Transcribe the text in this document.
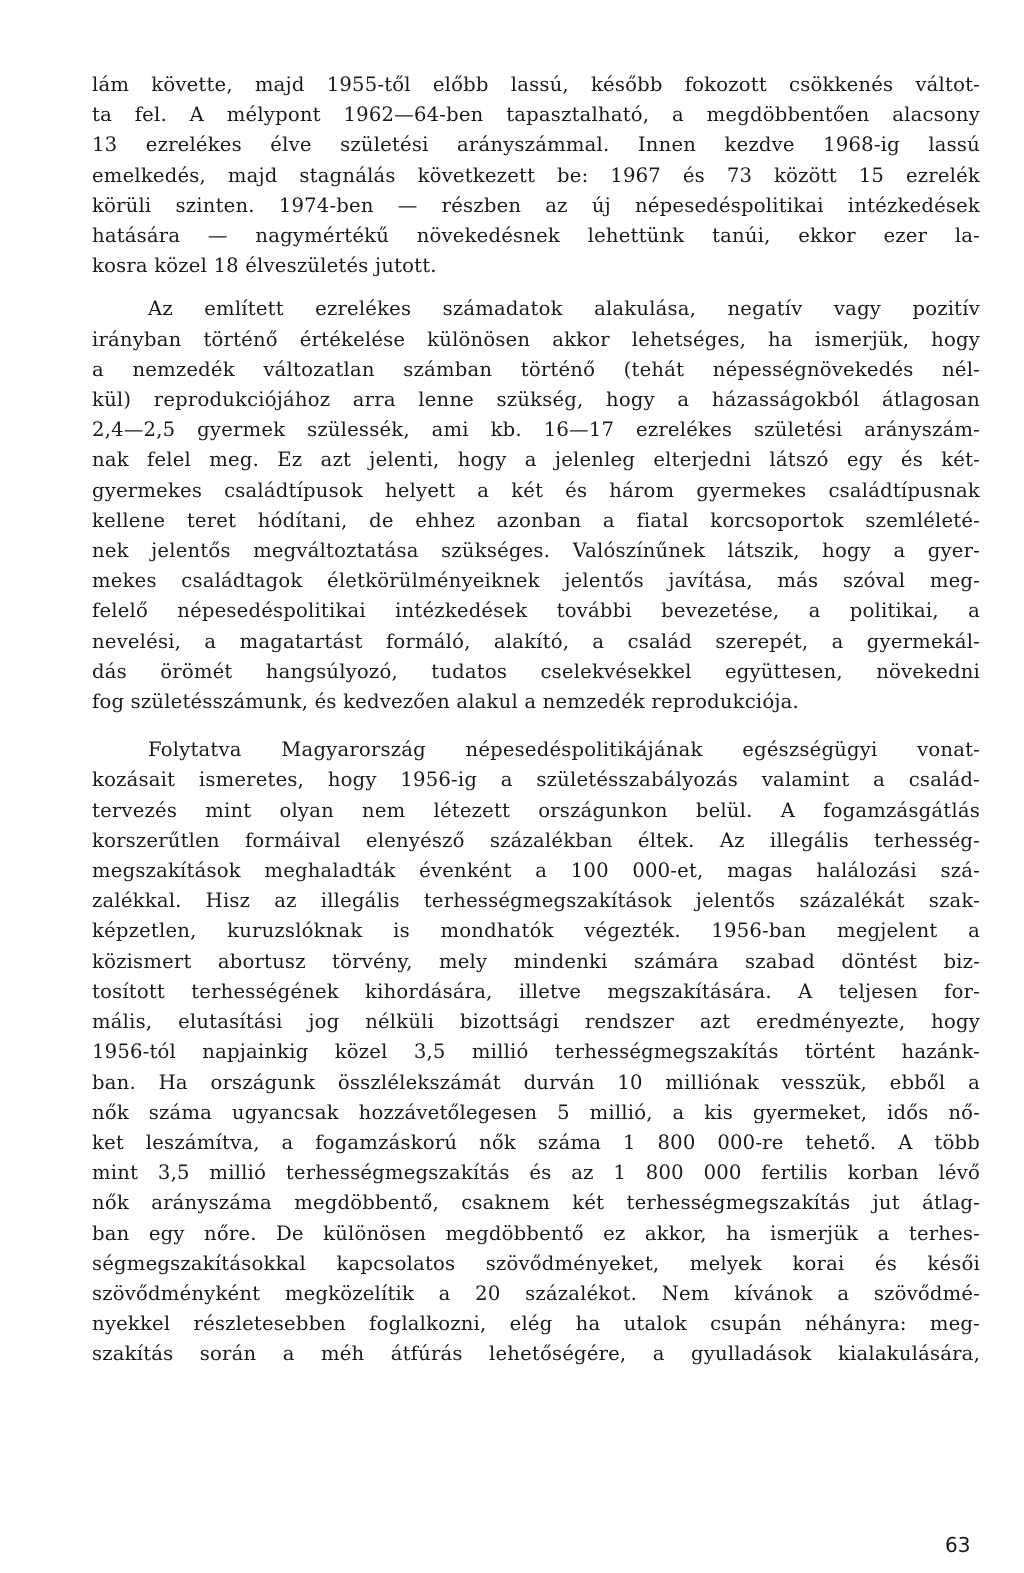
lám követte, majd 1955-től előbb lassú, később fokozott csökkenés váltot-
ta fel. A mélypont 1962—64-ben tapasztalható, a megdöbbentően alacsony
13 ezrelékes élve születési arányszámmal. Innen kezdve 1968-ig lassú
emelkedés, majd stagnálás következett be: 1967 és 73 között 15 ezrelék
körüli szinten. 1974-ben — részben az új népesedéspolitikai intézkedések
hatására — nagymértékű növekedésnek lehettünk tanúi, ekkor ezer la-
kosra közel 18 élveszületés jutott.

Az említett ezrelékes számadatok alakulása, negatív vagy pozitív
irányban történő értékelése különösen akkor lehetséges, ha ismerjük, hogy
a nemzedék változatlan számban történő (tehát népességnövekedés nél-
kül) reprodukciójához arra lenne szükség, hogy a házasságokból átlagosan
2,4—2,5 gyermek szülessék, ami kb. 16—17 ezrelékes születési arányszám-
nak felel meg. Ez azt jelenti, hogy a jelenleg elterjedni látszó egy és két-
gyermekes családtípusok helyett a két és három gyermekes családtípusnak
kellene teret hódítani, de ehhez azonban a fiatal korcsoportok szemléleté-
nek jelentős megváltoztatása szükséges. Valószínűnek látszik, hogy a gyer-
mekes családtagok életkörülményeiknek jelentős javítása, más szóval meg-
felelő népesedéspolitikai intézkedések további bevezetése, a politikai, a
nevelési, a magatartást formáló, alakító, a család szerepét, a gyermekál-
dás örömét hangsúlyozó, tudatos cselekvésekkel együttesen, növekedni
fog születésszámunk, és kedvezően alakul a nemzedék reprodukciója.

Folytatva Magyarország népesedéspolitikájának egészségügyi vonat-
kozásait ismeretes, hogy 1956-ig a születésszabályozás valamint a család-
tervezés mint olyan nem létezett országunkon belül. A fogamzásgátlás
korszerűtlen formáival elenyésző százalékban éltek. Az illegális terhesség-
megszakítások meghaladták évenként a 100 000-et, magas halálozási szá-
zalékkal. Hisz az illegális terhességmegszakítások jelentős százalékát szak-
képzetlen, kuruzslóknak is mondhatók végezték. 1956-ban megjelent a
közismert abortusz törvény, mely mindenki számára szabad döntést biz-
tosított terhességének kihordására, illetve megszakítására. A teljesen for-
mális, elutasítási jog nélküli bizottsági rendszer azt eredményezte, hogy
1956-tól napjainkig közel 3,5 millió terhességmegszakítás történt hazánk-
ban. Ha országunk összlélekszámát durván 10 milliónak vesszük, ebből a
nők száma ugyancsak hozzávetőlegesen 5 millió, a kis gyermeket, idős nő-
ket leszámítva, a fogamzáskorú nők száma 1 800 000-re tehető. A több
mint 3,5 millió terhességmegszakítás és az 1 800 000 fertilis korban lévő
nők arányszáma megdöbbentő, csaknem két terhességmegszakítás jut átlag-
ban egy nőre. De különösen megdöbbentő ez akkor, ha ismerjük a terhes-
ségmegszakításokkal kapcsolatos szövődményeket, melyek korai és késői
szövődményként megközelítik a 20 százalékot. Nem kívánok a szövődmé-
nyekkel részletesebben foglalkozni, elég ha utalok csupán néhányra: meg-
szakítás során a méh átfúrás lehetőségére, a gyulladások kialakulására,

63
